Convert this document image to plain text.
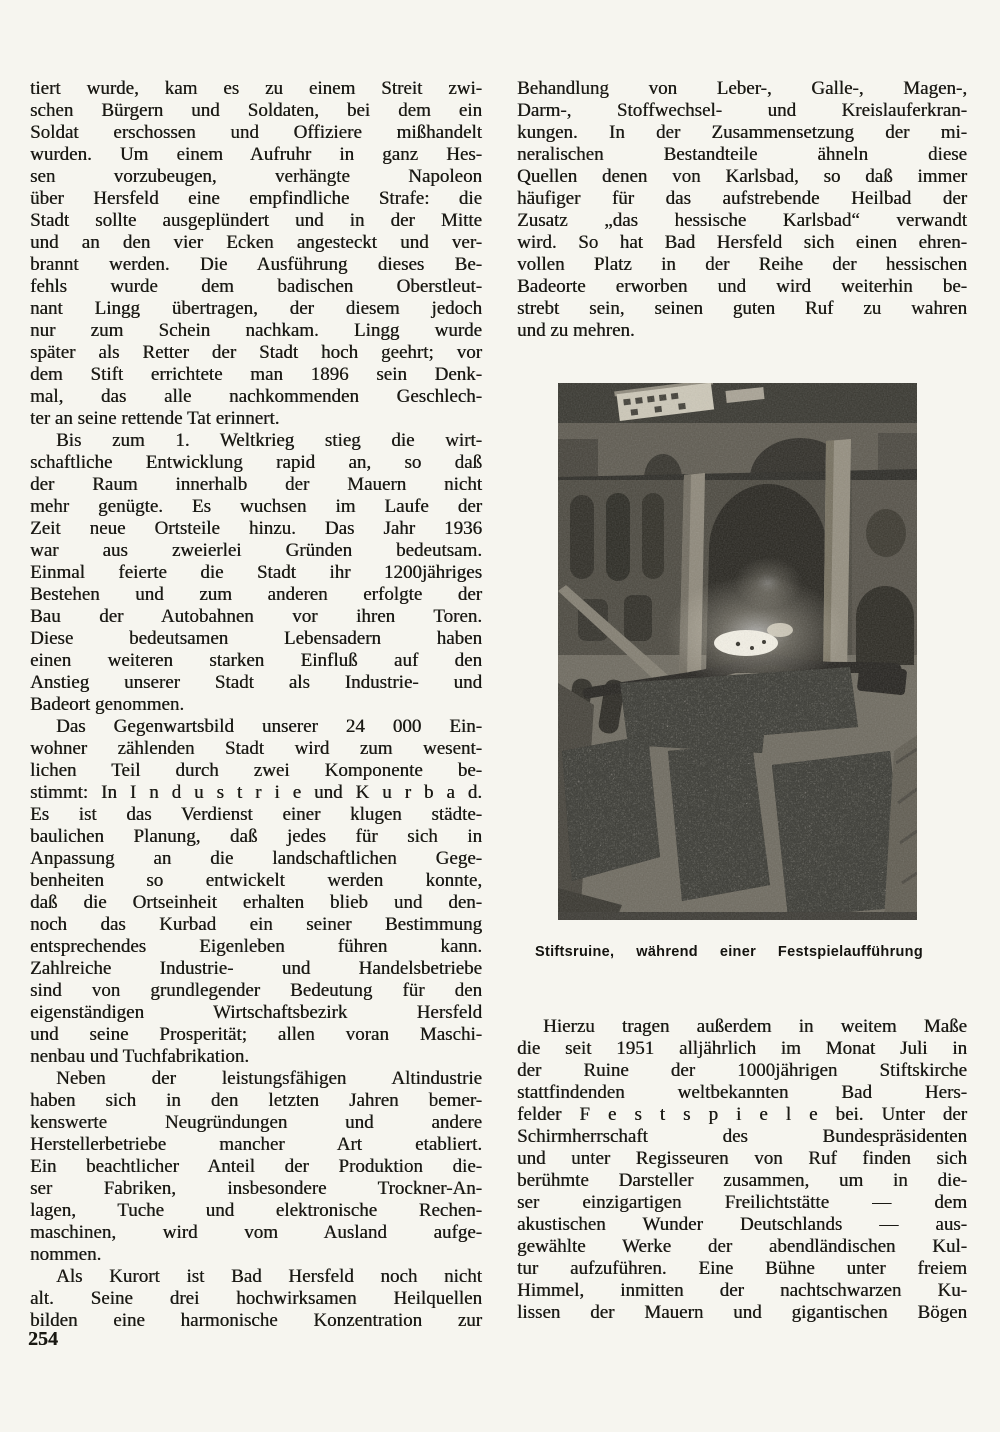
tiert wurde, kam es zu einem Streit zwi-
schen Bürgern und Soldaten, bei dem ein
Soldat erschossen und Offiziere mißhandelt
wurden. Um einem Aufruhr in ganz Hes-
sen vorzubeugen, verhängte Napoleon
über Hersfeld eine empfindliche Strafe: die
Stadt sollte ausgeplündert und in der Mitte
und an den vier Ecken angesteckt und ver-
brannt werden. Die Ausführung dieses Be-
fehls wurde dem badischen Oberstleut-
nant Lingg übertragen, der diesem jedoch
nur zum Schein nachkam. Lingg wurde
später als Retter der Stadt hoch geehrt; vor
dem Stift errichtete man 1896 sein Denk-
mal, das alle nachkommenden Geschlech-
ter an seine rettende Tat erinnert.
Bis zum 1. Weltkrieg stieg die wirt-
schaftliche Entwicklung rapid an, so daß
der Raum innerhalb der Mauern nicht
mehr genügte. Es wuchsen im Laufe der
Zeit neue Ortsteile hinzu. Das Jahr 1936
war aus zweierlei Gründen bedeutsam.
Einmal feierte die Stadt ihr 1200jähriges
Bestehen und zum anderen erfolgte der
Bau der Autobahnen vor ihren Toren.
Diese bedeutsamen Lebensadern haben
einen weiteren starken Einfluß auf den
Anstieg unserer Stadt als Industrie- und
Badeort genommen.
Das Gegenwartsbild unserer 24 000 Ein-
wohner zählenden Stadt wird zum wesent-
lichen Teil durch zwei Komponente be-
stimmt: In I n d u s t r i e und K u r b a d.
Es ist das Verdienst einer klugen städte-
baulichen Planung, daß jedes für sich in
Anpassung an die landschaftlichen Gege-
benheiten so entwickelt werden konnte,
daß die Ortseinheit erhalten blieb und den-
noch das Kurbad ein seiner Bestimmung
entsprechendes Eigenleben führen kann.
Zahlreiche Industrie- und Handelsbetriebe
sind von grundlegender Bedeutung für den
eigenständigen Wirtschaftsbezirk Hersfeld
und seine Prosperität; allen voran Maschi-
nenbau und Tuchfabrikation.
Neben der leistungsfähigen Altindustrie
haben sich in den letzten Jahren bemer-
kenswerte Neugründungen und andere
Herstellerbetriebe mancher Art etabliert.
Ein beachtlicher Anteil der Produktion die-
ser Fabriken, insbesondere Trockner-An-
lagen, Tuche und elektronische Rechen-
maschinen, wird vom Ausland aufge-
nommen.
Als Kurort ist Bad Hersfeld noch nicht
alt. Seine drei hochwirksamen Heilquellen
bilden eine harmonische Konzentration zur
Behandlung von Leber-, Galle-, Magen-,
Darm-, Stoffwechsel- und Kreislauferkran-
kungen. In der Zusammensetzung der mi-
neralischen Bestandteile ähneln diese
Quellen denen von Karlsbad, so daß immer
häufiger für das aufstrebende Heilbad der
Zusatz „das hessische Karlsbad“ verwandt
wird. So hat Bad Hersfeld sich einen ehren-
vollen Platz in der Reihe der hessischen
Badeorte erworben und wird weiterhin be-
strebt sein, seinen guten Ruf zu wahren
und zu mehren.
Stiftsruine, während einer Festspielaufführung
Hierzu tragen außerdem in weitem Maße
die seit 1951 alljährlich im Monat Juli in
der Ruine der 1000jährigen Stiftskirche
stattfindenden weltbekannten Bad Hers-
felder F e s t s p i e l e bei. Unter der
Schirmherrschaft des Bundespräsidenten
und unter Regisseuren von Ruf finden sich
berühmte Darsteller zusammen, um in die-
ser einzigartigen Freilichtstätte — dem
akustischen Wunder Deutschlands — aus-
gewählte Werke der abendländischen Kul-
tur aufzuführen. Eine Bühne unter freiem
Himmel, inmitten der nachtschwarzen Ku-
lissen der Mauern und gigantischen Bögen
254
